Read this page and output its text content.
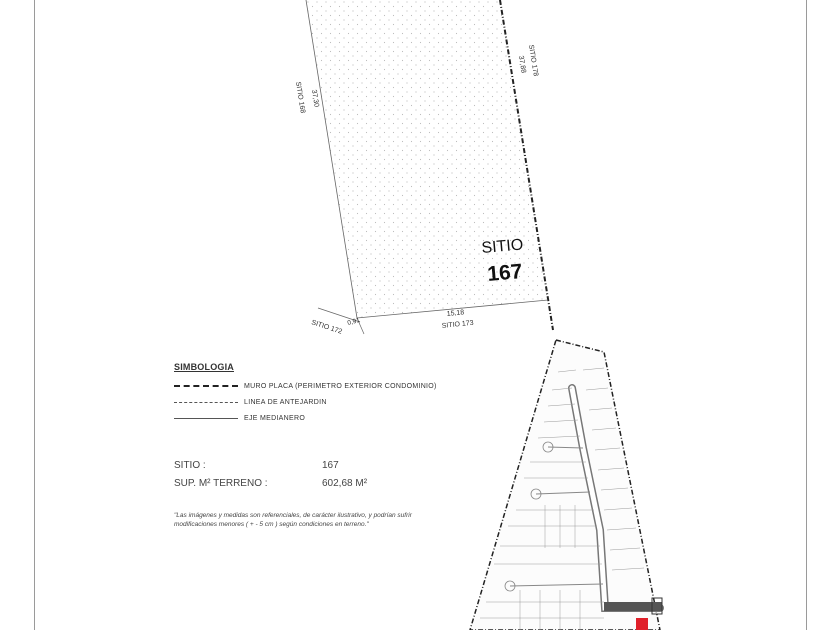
SITIO
167
37,30
SITIO 168
37,88 SITIO 178
15,18
SITIO 173
0,91
SITIO 172
SIMBOLOGIA
MURO PLACA (PERIMETRO EXTERIOR CONDOMINIO)
LINEA DE ANTEJARDIN
EJE MEDIANERO
SITIO :	167
SUP. M² TERRENO :	602,68 M²
"Las imágenes y medidas son referenciales, de carácter ilustrativo, y podrían sufrir modificaciones menores ( + - 5 cm ) según condiciones en terreno."
